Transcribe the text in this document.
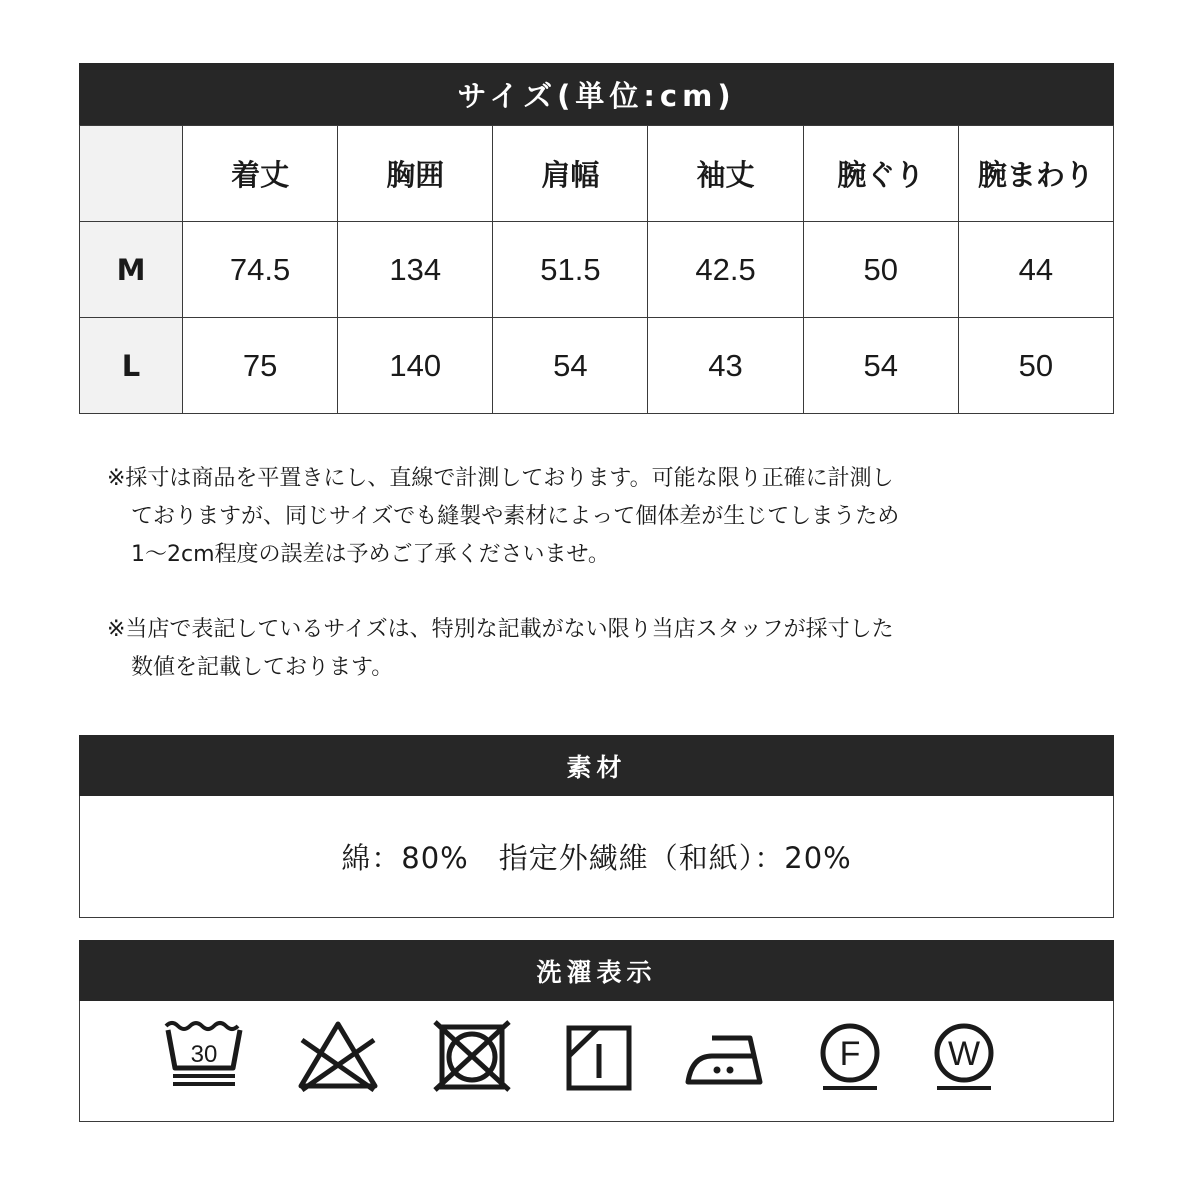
サイズ(単位:cm)
	着丈	胸囲	肩幅	袖丈	腕ぐり	腕まわり
M	74.5	134	51.5	42.5	50	44
L	75	140	54	43	54	50

※採寸は商品を平置きにし、直線で計測しております。可能な限り正確に計測し

ておりますが、同じサイズでも縫製や素材によって個体差が生じてしまうため

1～2cm程度の誤差は予めご了承くださいませ。

※当店で表記しているサイズは、特別な記載がない限り当店スタッフが採寸した

数値を記載しております。

素材
綿：80%　指定外繊維（和紙）：20%
洗濯表示
30	F	W
